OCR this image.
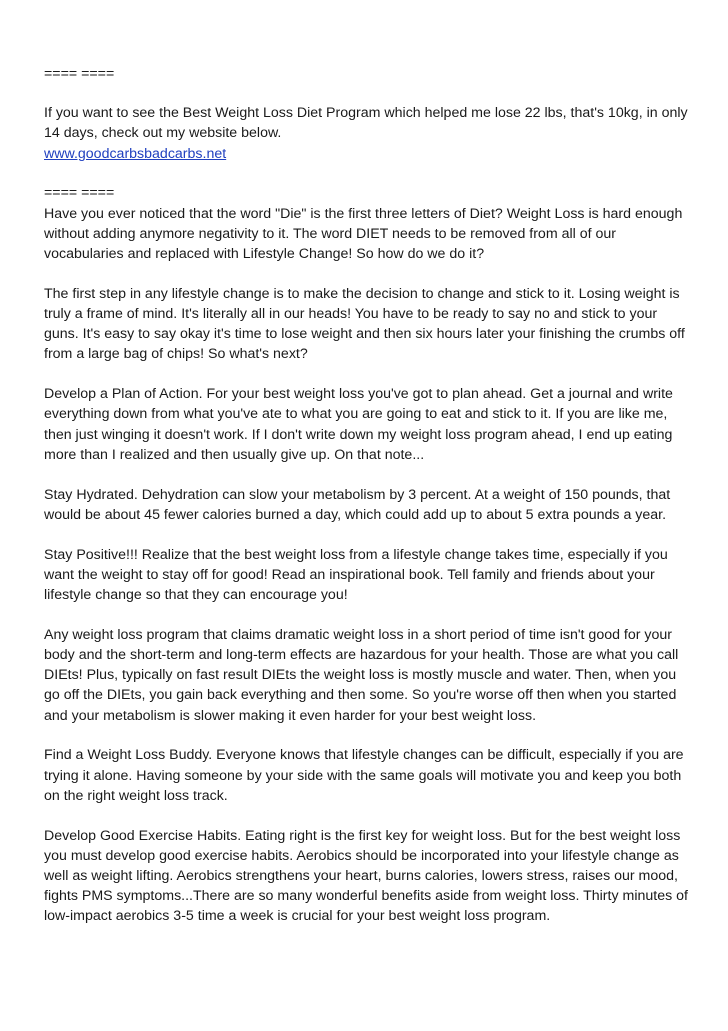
==== ====
If you want to see the Best Weight Loss Diet Program which helped me lose 22 lbs, that's 10kg, in only 14 days, check out my website below.
www.goodcarbsbadcarbs.net
==== ====
Have you ever noticed that the word "Die" is the first three letters of Diet? Weight Loss is hard enough without adding anymore negativity to it. The word DIET needs to be removed from all of our vocabularies and replaced with Lifestyle Change! So how do we do it?
The first step in any lifestyle change is to make the decision to change and stick to it. Losing weight is truly a frame of mind. It's literally all in our heads! You have to be ready to say no and stick to your guns. It's easy to say okay it's time to lose weight and then six hours later your finishing the crumbs off from a large bag of chips! So what's next?
Develop a Plan of Action. For your best weight loss you've got to plan ahead. Get a journal and write everything down from what you've ate to what you are going to eat and stick to it. If you are like me, then just winging it doesn't work. If I don't write down my weight loss program ahead, I end up eating more than I realized and then usually give up. On that note...
Stay Hydrated. Dehydration can slow your metabolism by 3 percent. At a weight of 150 pounds, that would be about 45 fewer calories burned a day, which could add up to about 5 extra pounds a year.
Stay Positive!!! Realize that the best weight loss from a lifestyle change takes time, especially if you want the weight to stay off for good! Read an inspirational book. Tell family and friends about your lifestyle change so that they can encourage you!
Any weight loss program that claims dramatic weight loss in a short period of time isn't good for your body and the short-term and long-term effects are hazardous for your health. Those are what you call DIEts! Plus, typically on fast result DIEts the weight loss is mostly muscle and water. Then, when you go off the DIEts, you gain back everything and then some. So you're worse off then when you started and your metabolism is slower making it even harder for your best weight loss.
Find a Weight Loss Buddy. Everyone knows that lifestyle changes can be difficult, especially if you are trying it alone. Having someone by your side with the same goals will motivate you and keep you both on the right weight loss track.
Develop Good Exercise Habits. Eating right is the first key for weight loss. But for the best weight loss you must develop good exercise habits. Aerobics should be incorporated into your lifestyle change as well as weight lifting. Aerobics strengthens your heart, burns calories, lowers stress, raises our mood, fights PMS symptoms...There are so many wonderful benefits aside from weight loss. Thirty minutes of low-impact aerobics 3-5 time a week is crucial for your best weight loss program.
